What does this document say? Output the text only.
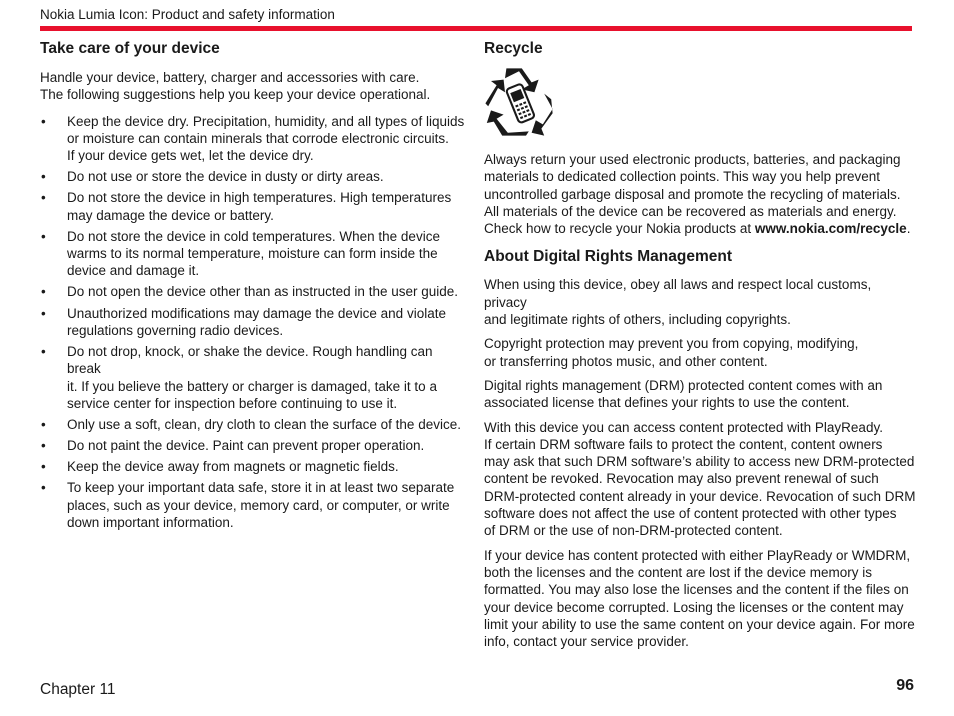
Nokia Lumia Icon: Product and safety information
Take care of your device

Handle your device, battery, charger and accessories with care.
The following suggestions help you keep your device operational.

• Keep the device dry. Precipitation, humidity, and all types of liquids
or moisture can contain minerals that corrode electronic circuits.
If your device gets wet, let the device dry.
• Do not use or store the device in dusty or dirty areas.
• Do not store the device in high temperatures. High temperatures
may damage the device or battery.
• Do not store the device in cold temperatures. When the device
warms to its normal temperature, moisture can form inside the
device and damage it.
• Do not open the device other than as instructed in the user guide.
• Unauthorized modifications may damage the device and violate
regulations governing radio devices.
• Do not drop, knock, or shake the device. Rough handling can break
it. If you believe the battery or charger is damaged, take it to a
service center for inspection before continuing to use it.
• Only use a soft, clean, dry cloth to clean the surface of the device.
• Do not paint the device. Paint can prevent proper operation.
• Keep the device away from magnets or magnetic fields.
• To keep your important data safe, store it in at least two separate
places, such as your device, memory card, or computer, or write
down important information.
Recycle

Always return your used electronic products, batteries, and packaging
materials to dedicated collection points. This way you help prevent
uncontrolled garbage disposal and promote the recycling of materials.
All materials of the device can be recovered as materials and energy.
Check how to recycle your Nokia products at www.nokia.com/recycle.

About Digital Rights Management

When using this device, obey all laws and respect local customs, privacy
and legitimate rights of others, including copyrights.

Copyright protection may prevent you from copying, modifying,
or transferring photos music, and other content.

Digital rights management (DRM) protected content comes with an
associated license that defines your rights to use the content.

With this device you can access content protected with PlayReady.
If certain DRM software fails to protect the content, content owners
may ask that such DRM software’s ability to access new DRM-protected
content be revoked. Revocation may also prevent renewal of such
DRM-protected content already in your device. Revocation of such DRM
software does not affect the use of content protected with other types
of DRM or the use of non-DRM-protected content.

If your device has content protected with either PlayReady or WMDRM,
both the licenses and the content are lost if the device memory is
formatted. You may also lose the licenses and the content if the files on
your device become corrupted. Losing the licenses or the content may
limit your ability to use the same content on your device again. For more
info, contact your service provider.

Chapter 11	96
